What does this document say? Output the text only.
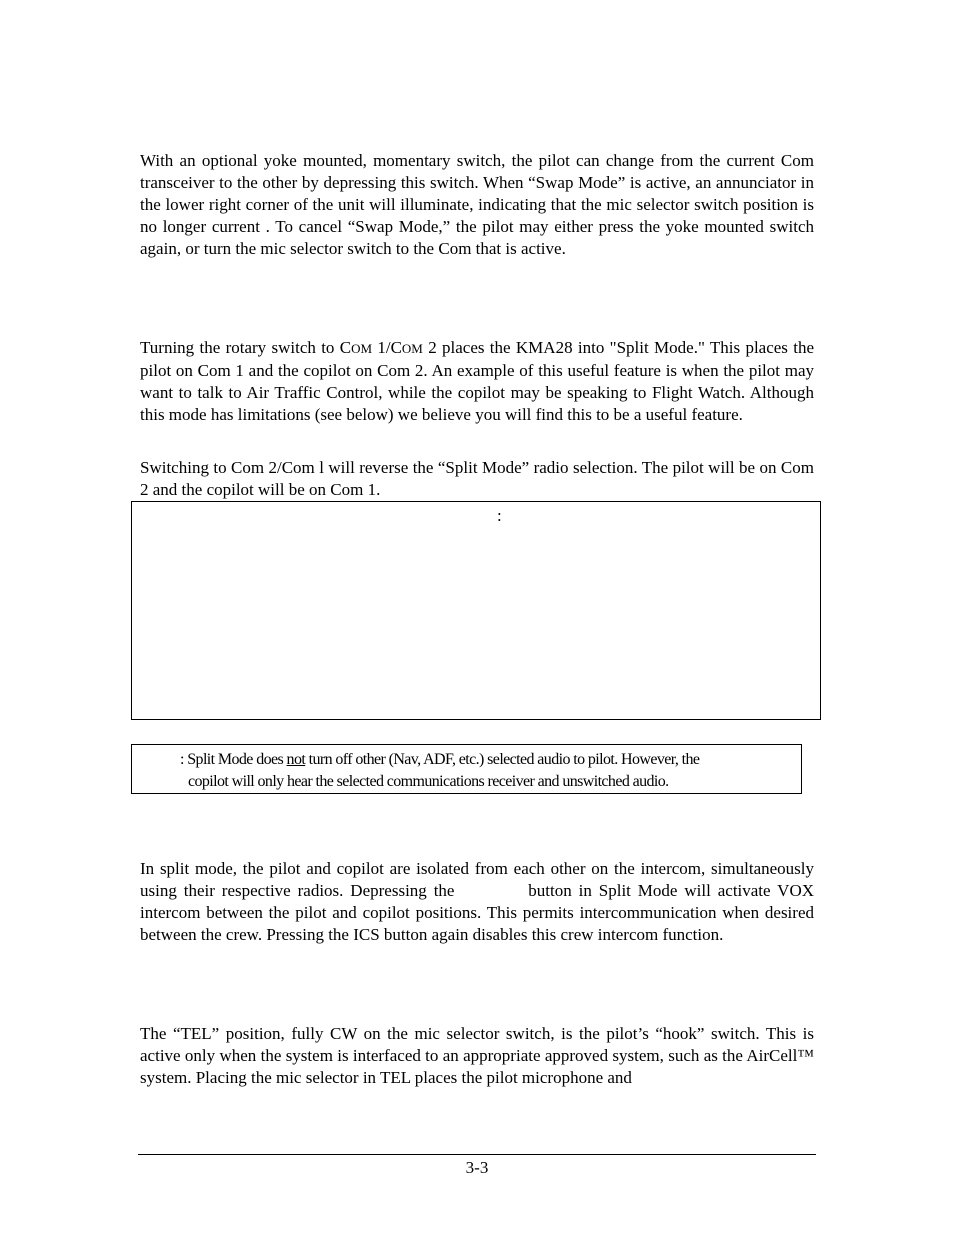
With an optional yoke mounted, momentary switch, the pilot can change from the current Com transceiver to the other by depressing this switch. When “Swap Mode” is active, an annunciator in the lower right corner of the unit will illuminate, indicating that the mic selector switch position is no longer current . To cancel “Swap Mode,” the pilot may either press the yoke mounted switch again, or turn the mic selector switch to the Com that is active.

Turning the rotary switch to COM 1/COM 2 places the KMA28 into "Split Mode." This places the pilot on Com 1 and the copilot on Com 2. An example of this useful feature is when the pilot may want to talk to Air Traffic Control, while the copilot may be speaking to Flight Watch. Although this mode has limitations (see below) we believe you will find this to be a useful feature.

Switching to Com 2/Com l will reverse the “Split Mode” radio selection. The pilot will be on Com 2 and the copilot will be on Com 1.

:

: Split Mode does not turn off other (Nav, ADF, etc.) selected audio to pilot. However, the
copilot will only hear the selected communications receiver and unswitched audio.

In split mode, the pilot and copilot are isolated from each other on the intercom, simultaneously using their respective radios. Depressing the	button in Split Mode will activate VOX intercom between the pilot and copilot positions. This permits intercommunication when desired between the crew. Pressing the ICS button again disables this crew intercom function.

The “TEL” position, fully CW on the mic selector switch, is the pilot’s “hook” switch. This is active only when the system is interfaced to an appropriate approved system, such as the AirCell™ system. Placing the mic selector in TEL places the pilot microphone and

3-3
